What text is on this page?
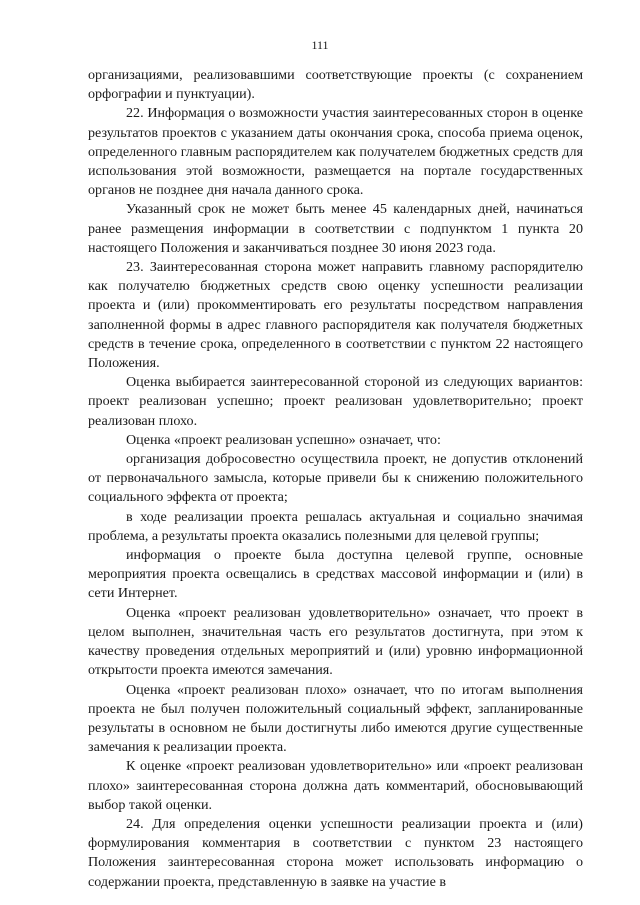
111

организациями, реализовавшими соответствующие проекты (с сохранением орфографии и пунктуации).

22. Информация о возможности участия заинтересованных сторон в оценке результатов проектов с указанием даты окончания срока, способа приема оценок, определенного главным распорядителем как получателем бюджетных средств для использования этой возможности, размещается на портале государственных органов не позднее дня начала данного срока.

Указанный срок не может быть менее 45 календарных дней, начинаться ранее размещения информации в соответствии с подпунктом 1 пункта 20 настоящего Положения и заканчиваться позднее 30 июня 2023 года.

23. Заинтересованная сторона может направить главному распорядителю как получателю бюджетных средств свою оценку успешности реализации проекта и (или) прокомментировать его результаты посредством направления заполненной формы в адрес главного распорядителя как получателя бюджетных средств в течение срока, определенного в соответствии с пунктом 22 настоящего Положения.

Оценка выбирается заинтересованной стороной из следующих вариантов: проект реализован успешно; проект реализован удовлетворительно; проект реализован плохо.

Оценка «проект реализован успешно» означает, что:

организация добросовестно осуществила проект, не допустив отклонений от первоначального замысла, которые привели бы к снижению положительного социального эффекта от проекта;

в ходе реализации проекта решалась актуальная и социально значимая проблема, а результаты проекта оказались полезными для целевой группы;

информация о проекте была доступна целевой группе, основные мероприятия проекта освещались в средствах массовой информации и (или) в сети Интернет.

Оценка «проект реализован удовлетворительно» означает, что проект в целом выполнен, значительная часть его результатов достигнута, при этом к качеству проведения отдельных мероприятий и (или) уровню информационной открытости проекта имеются замечания.

Оценка «проект реализован плохо» означает, что по итогам выполнения проекта не был получен положительный социальный эффект, запланированные результаты в основном не были достигнуты либо имеются другие существенные замечания к реализации проекта.

К оценке «проект реализован удовлетворительно» или «проект реализован плохо» заинтересованная сторона должна дать комментарий, обосновывающий выбор такой оценки.

24. Для определения оценки успешности реализации проекта и (или) формулирования комментария в соответствии с пунктом 23 настоящего Положения заинтересованная сторона может использовать информацию о содержании проекта, представленную в заявке на участие в
